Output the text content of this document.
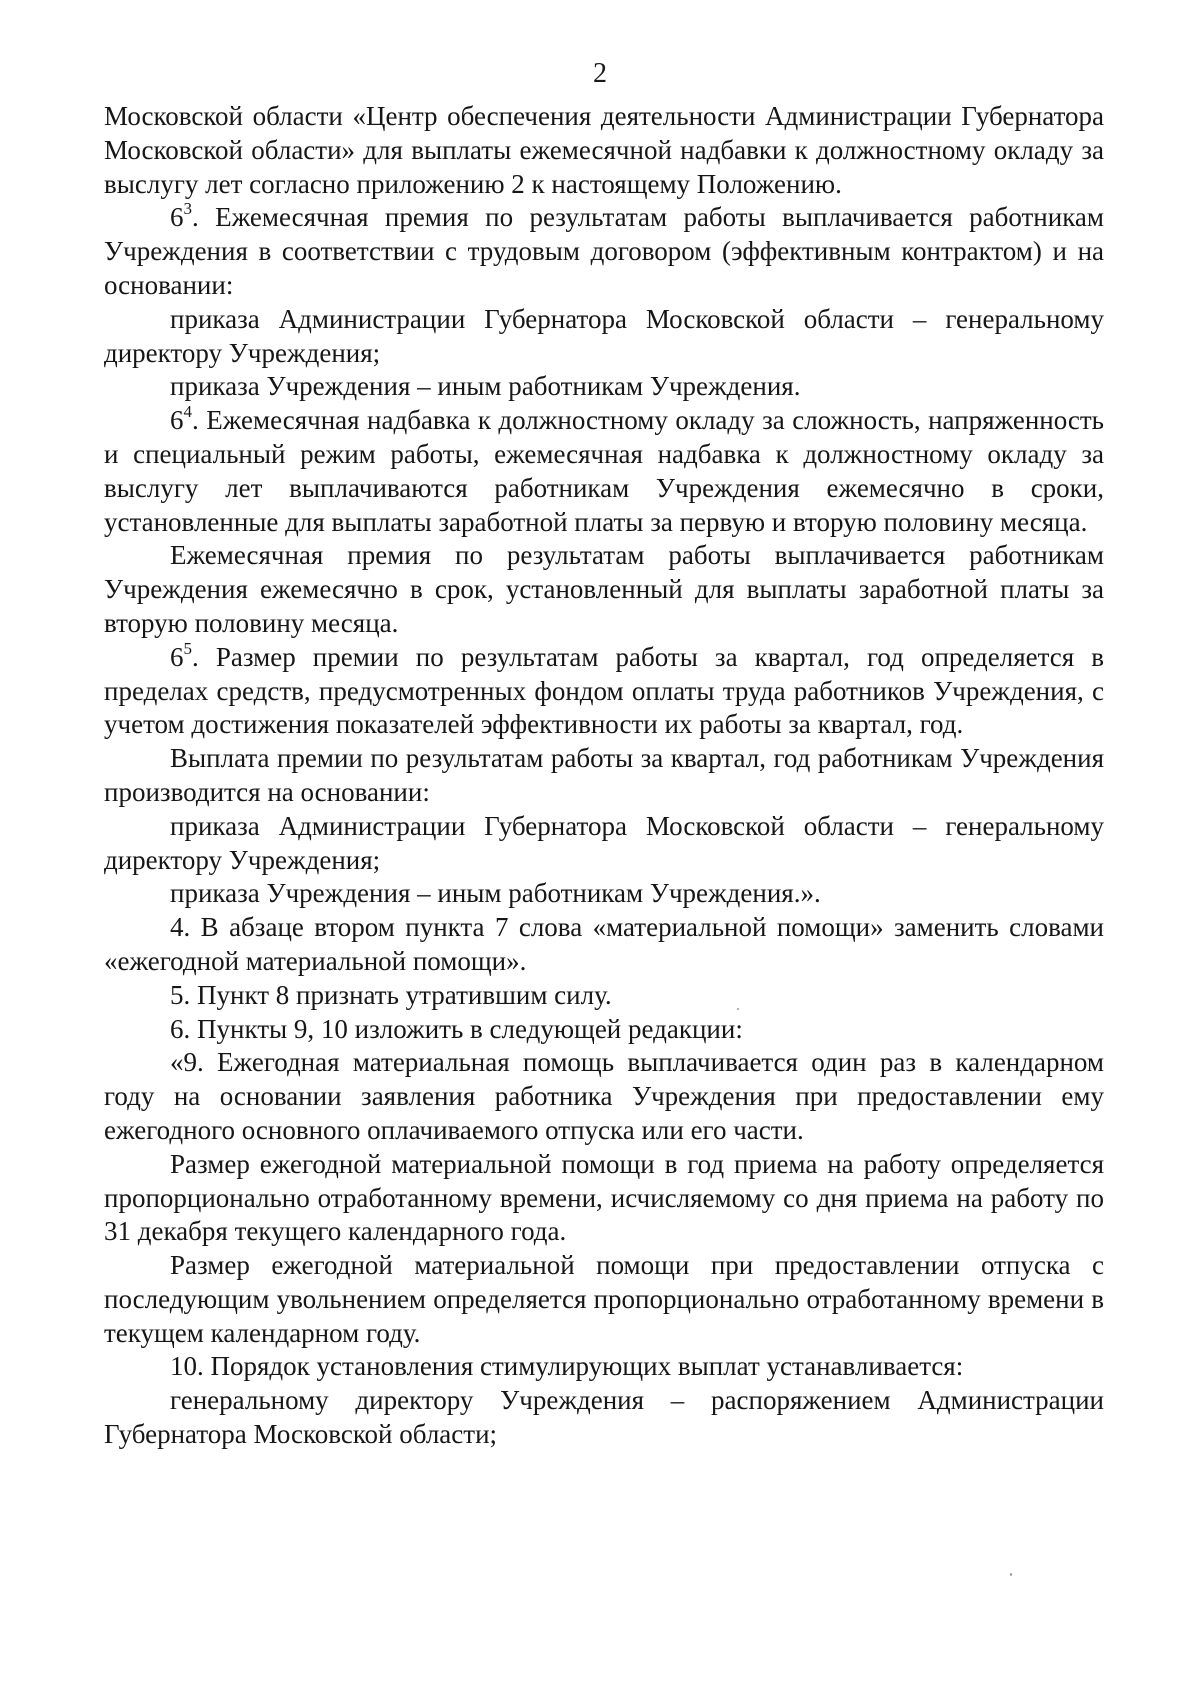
2

Московской области «Центр обеспечения деятельности Администрации Губернатора Московской области» для выплаты ежемесячной надбавки к должностному окладу за выслугу лет согласно приложению 2 к настоящему Положению.

$6^3$. Ежемесячная премия по результатам работы выплачивается работникам Учреждения в соответствии с трудовым договором (эффективным контрактом) и на основании:

приказа Администрации Губернатора Московской области – генеральному директору Учреждения;

приказа Учреждения – иным работникам Учреждения.

$6^4$. Ежемесячная надбавка к должностному окладу за сложность, напряженность и специальный режим работы, ежемесячная надбавка к должностному окладу за выслугу лет выплачиваются работникам Учреждения ежемесячно в сроки, установленные для выплаты заработной платы за первую и вторую половину месяца.

Ежемесячная премия по результатам работы выплачивается работникам Учреждения ежемесячно в срок, установленный для выплаты заработной платы за вторую половину месяца.

$6^5$. Размер премии по результатам работы за квартал, год определяется в пределах средств, предусмотренных фондом оплаты труда работников Учреждения, с учетом достижения показателей эффективности их работы за квартал, год.

Выплата премии по результатам работы за квартал, год работникам Учреждения производится на основании:

приказа Администрации Губернатора Московской области – генеральному директору Учреждения;

приказа Учреждения – иным работникам Учреждения.».

4. В абзаце втором пункта 7 слова «материальной помощи» заменить словами «ежегодной материальной помощи».

5. Пункт 8 признать утратившим силу.

6. Пункты 9, 10 изложить в следующей редакции:

«9. Ежегодная материальная помощь выплачивается один раз в календарном году на основании заявления работника Учреждения при предоставлении ему ежегодного основного оплачиваемого отпуска или его части.

Размер ежегодной материальной помощи в год приема на работу определяется пропорционально отработанному времени, исчисляемому со дня приема на работу по 31 декабря текущего календарного года.

Размер ежегодной материальной помощи при предоставлении отпуска с последующим увольнением определяется пропорционально отработанному времени в текущем календарном году.

10. Порядок установления стимулирующих выплат устанавливается:

генеральному директору Учреждения – распоряжением Администрации Губернатора Московской области;
